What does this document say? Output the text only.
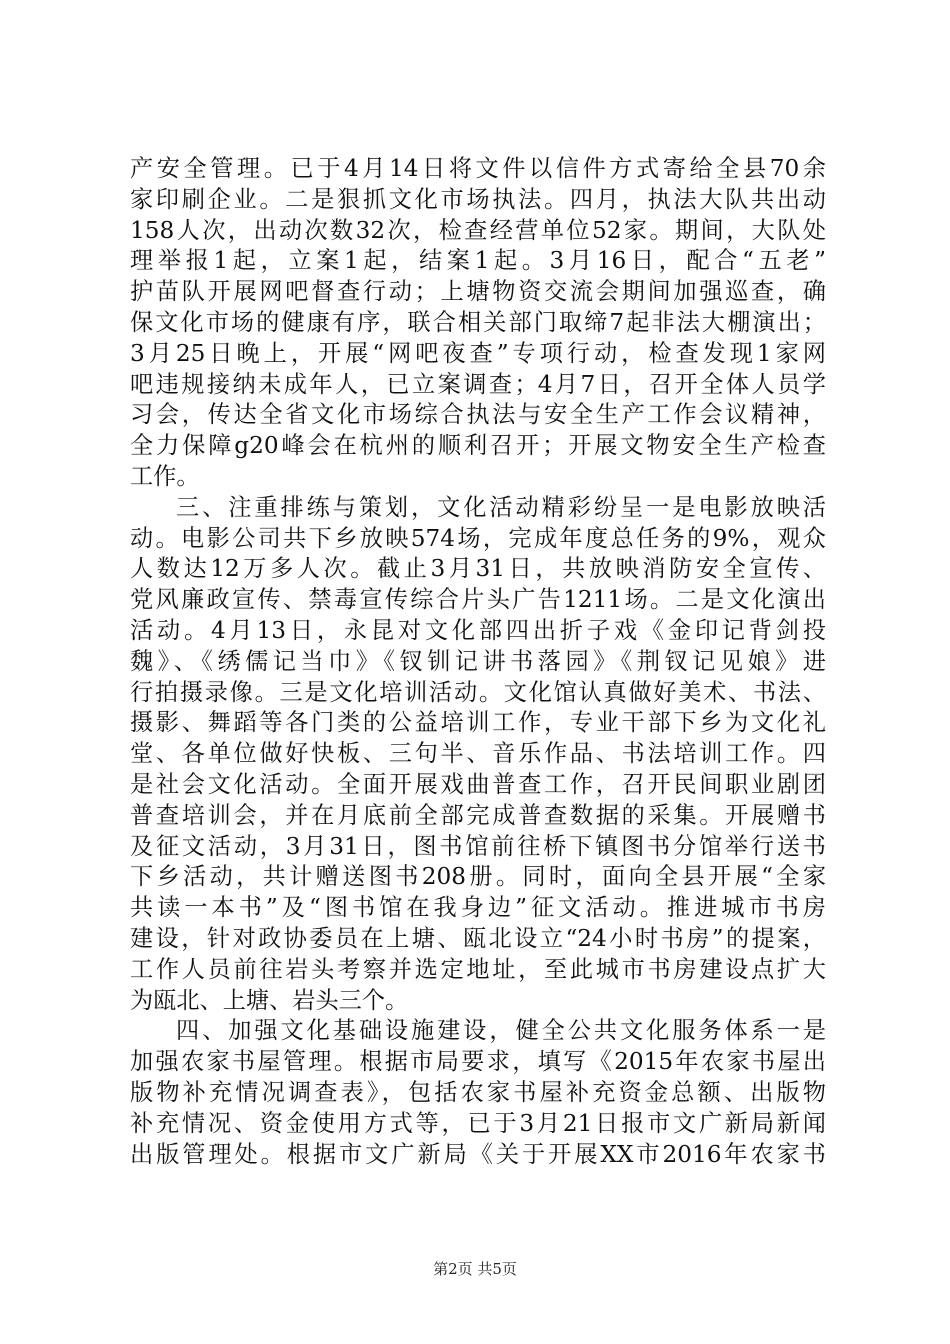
产安全管理。已于4月14日将文件以信件方式寄给全县70余
家印刷企业。二是狠抓文化市场执法。四月，执法大队共出动
158人次，出动次数32次，检查经营单位52家。期间，大队处
理举报1起，立案1起，结案1起。3月16日，配合“五老”
护苗队开展网吧督查行动；上塘物资交流会期间加强巡查，确
保文化市场的健康有序，联合相关部门取缔7起非法大棚演出；
3月25日晚上，开展“网吧夜查”专项行动，检查发现1家网
吧违规接纳未成年人，已立案调查；4月7日，召开全体人员学
习会，传达全省文化市场综合执法与安全生产工作会议精神，
全力保障g20峰会在杭州的顺利召开；开展文物安全生产检查
工作。
三、注重排练与策划，文化活动精彩纷呈一是电影放映活
动。电影公司共下乡放映574场，完成年度总任务的9%，观众
人数达12万多人次。截止3月31日，共放映消防安全宣传、
党风廉政宣传、禁毒宣传综合片头广告1211场。二是文化演出
活动。4月13日，永昆对文化部四出折子戏《金印记背剑投
魏》、《绣儒记当巾》《钗钏记讲书落园》《荆钗记见娘》进
行拍摄录像。三是文化培训活动。文化馆认真做好美术、书法、
摄影、舞蹈等各门类的公益培训工作，专业干部下乡为文化礼
堂、各单位做好快板、三句半、音乐作品、书法培训工作。四
是社会文化活动。全面开展戏曲普查工作，召开民间职业剧团
普查培训会，并在月底前全部完成普查数据的采集。开展赠书
及征文活动，3月31日，图书馆前往桥下镇图书分馆举行送书
下乡活动，共计赠送图书208册。同时，面向全县开展“全家
共读一本书”及“图书馆在我身边”征文活动。推进城市书房
建设，针对政协委员在上塘、瓯北设立“24小时书房”的提案，
工作人员前往岩头考察并选定地址，至此城市书房建设点扩大
为瓯北、上塘、岩头三个。
四、加强文化基础设施建设，健全公共文化服务体系一是
加强农家书屋管理。根据市局要求，填写《2015年农家书屋出
版物补充情况调查表》，包括农家书屋补充资金总额、出版物
补充情况、资金使用方式等，已于3月21日报市文广新局新闻
出版管理处。根据市文广新局《关于开展XX市2016年农家书
第2页 共5页
